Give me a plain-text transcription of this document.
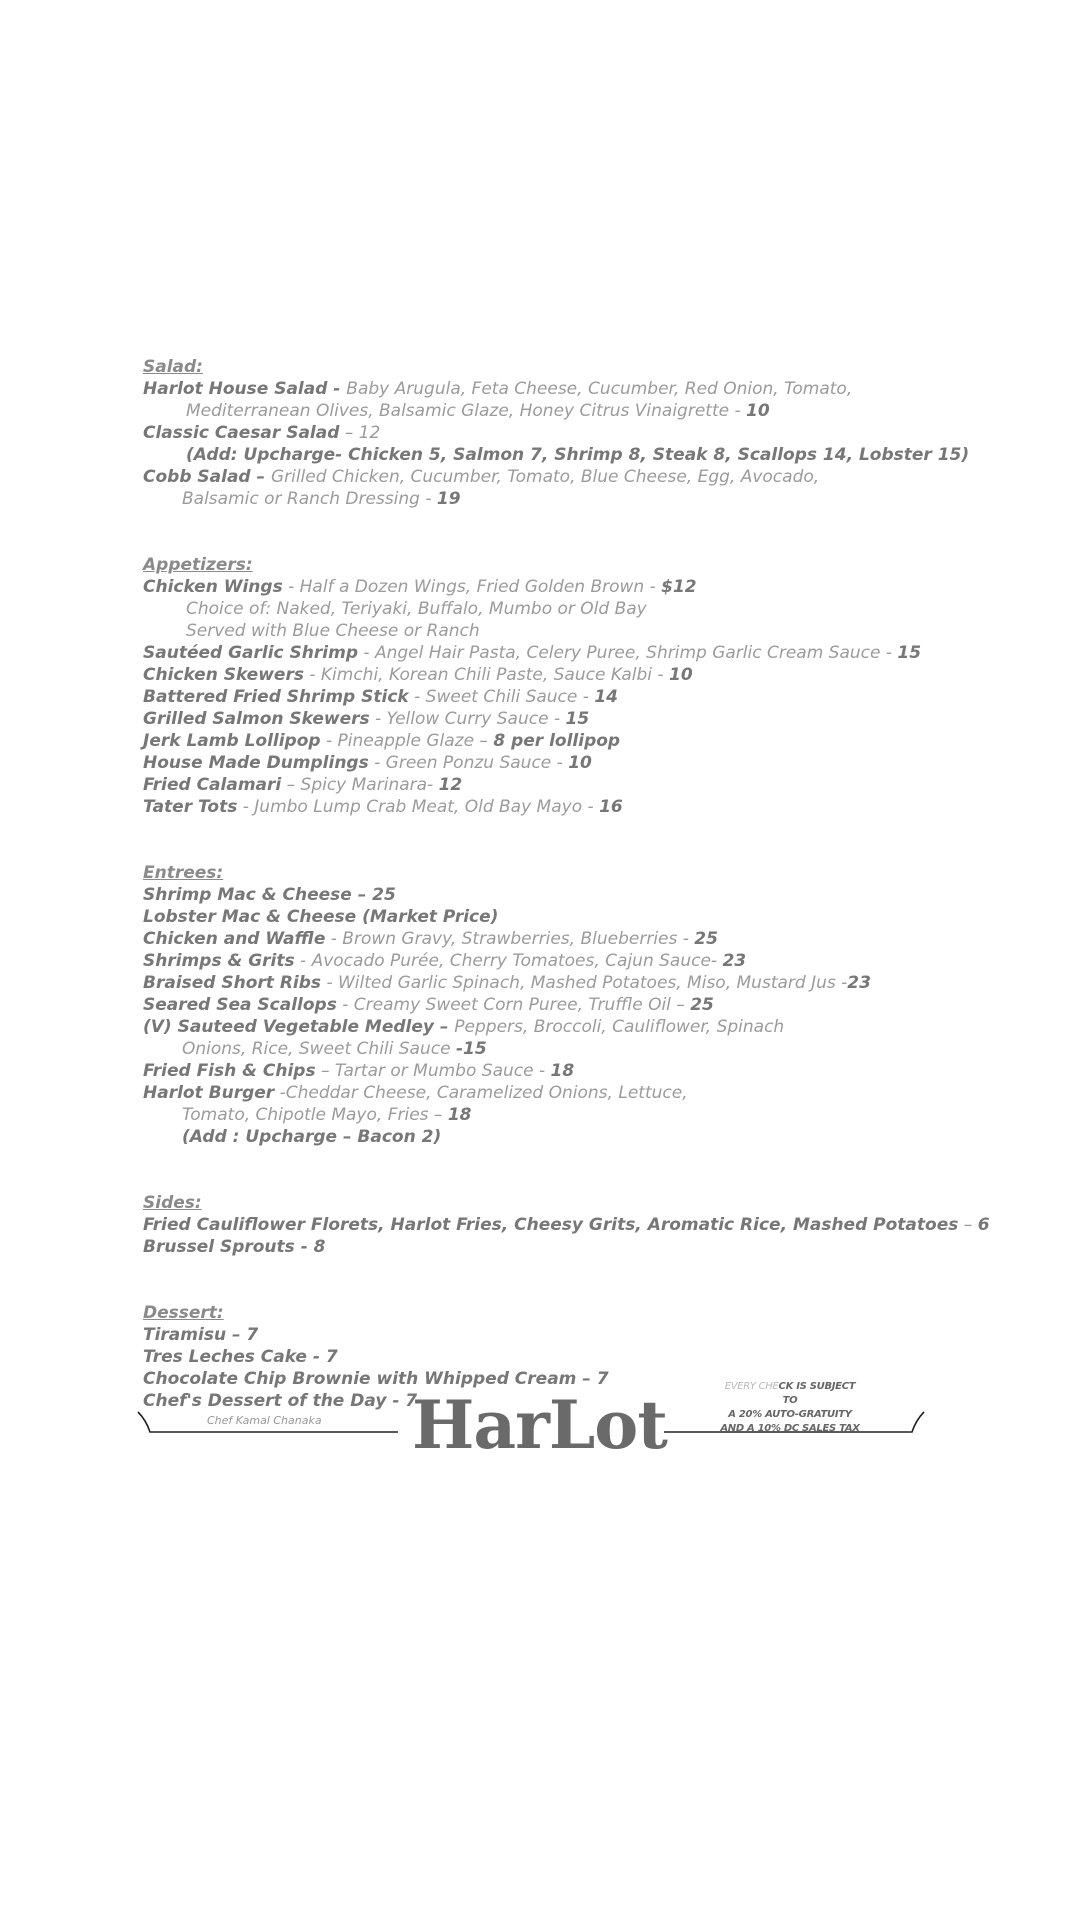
Salad:
Harlot House Salad - Baby Arugula, Feta Cheese, Cucumber, Red Onion, Tomato,
Mediterranean Olives, Balsamic Glaze, Honey Citrus Vinaigrette - 10
Classic Caesar Salad – 12
(Add: Upcharge- Chicken 5, Salmon 7, Shrimp 8, Steak 8, Scallops 14, Lobster 15)
Cobb Salad – Grilled Chicken, Cucumber, Tomato, Blue Cheese, Egg, Avocado,
Balsamic or Ranch Dressing - 19
Appetizers:
Chicken Wings - Half a Dozen Wings, Fried Golden Brown - $12
Choice of: Naked, Teriyaki, Buffalo, Mumbo or Old Bay
Served with Blue Cheese or Ranch
Sautéed Garlic Shrimp - Angel Hair Pasta, Celery Puree, Shrimp Garlic Cream Sauce - 15
Chicken Skewers - Kimchi, Korean Chili Paste, Sauce Kalbi - 10
Battered Fried Shrimp Stick - Sweet Chili Sauce - 14
Grilled Salmon Skewers - Yellow Curry Sauce - 15
Jerk Lamb Lollipop - Pineapple Glaze – 8 per lollipop
House Made Dumplings - Green Ponzu Sauce - 10
Fried Calamari – Spicy Marinara- 12
Tater Tots - Jumbo Lump Crab Meat, Old Bay Mayo - 16
Entrees:
Shrimp Mac & Cheese – 25
Lobster Mac & Cheese (Market Price)
Chicken and Waffle - Brown Gravy, Strawberries, Blueberries - 25
Shrimps & Grits - Avocado Purée, Cherry Tomatoes, Cajun Sauce- 23
Braised Short Ribs - Wilted Garlic Spinach, Mashed Potatoes, Miso, Mustard Jus -23
Seared Sea Scallops - Creamy Sweet Corn Puree, Truffle Oil – 25
(V) Sauteed Vegetable Medley – Peppers, Broccoli, Cauliflower, Spinach
Onions, Rice, Sweet Chili Sauce -15
Fried Fish & Chips – Tartar or Mumbo Sauce - 18
Harlot Burger -Cheddar Cheese, Caramelized Onions, Lettuce,
Tomato, Chipotle Mayo, Fries – 18
(Add : Upcharge – Bacon 2)
Sides:
Fried Cauliflower Florets, Harlot Fries, Cheesy Grits, Aromatic Rice, Mashed Potatoes – 6
Brussel Sprouts - 8
Dessert:
Tiramisu – 7
Tres Leches Cake - 7
Chocolate Chip Brownie with Whipped Cream – 7
Chef's Dessert of the Day - 7
Chef Kamal Chanaka HarLot	EVERY CHECK IS SUBJECT TO
A 20% AUTO-GRATUITY
AND A 10% DC SALES TAX
